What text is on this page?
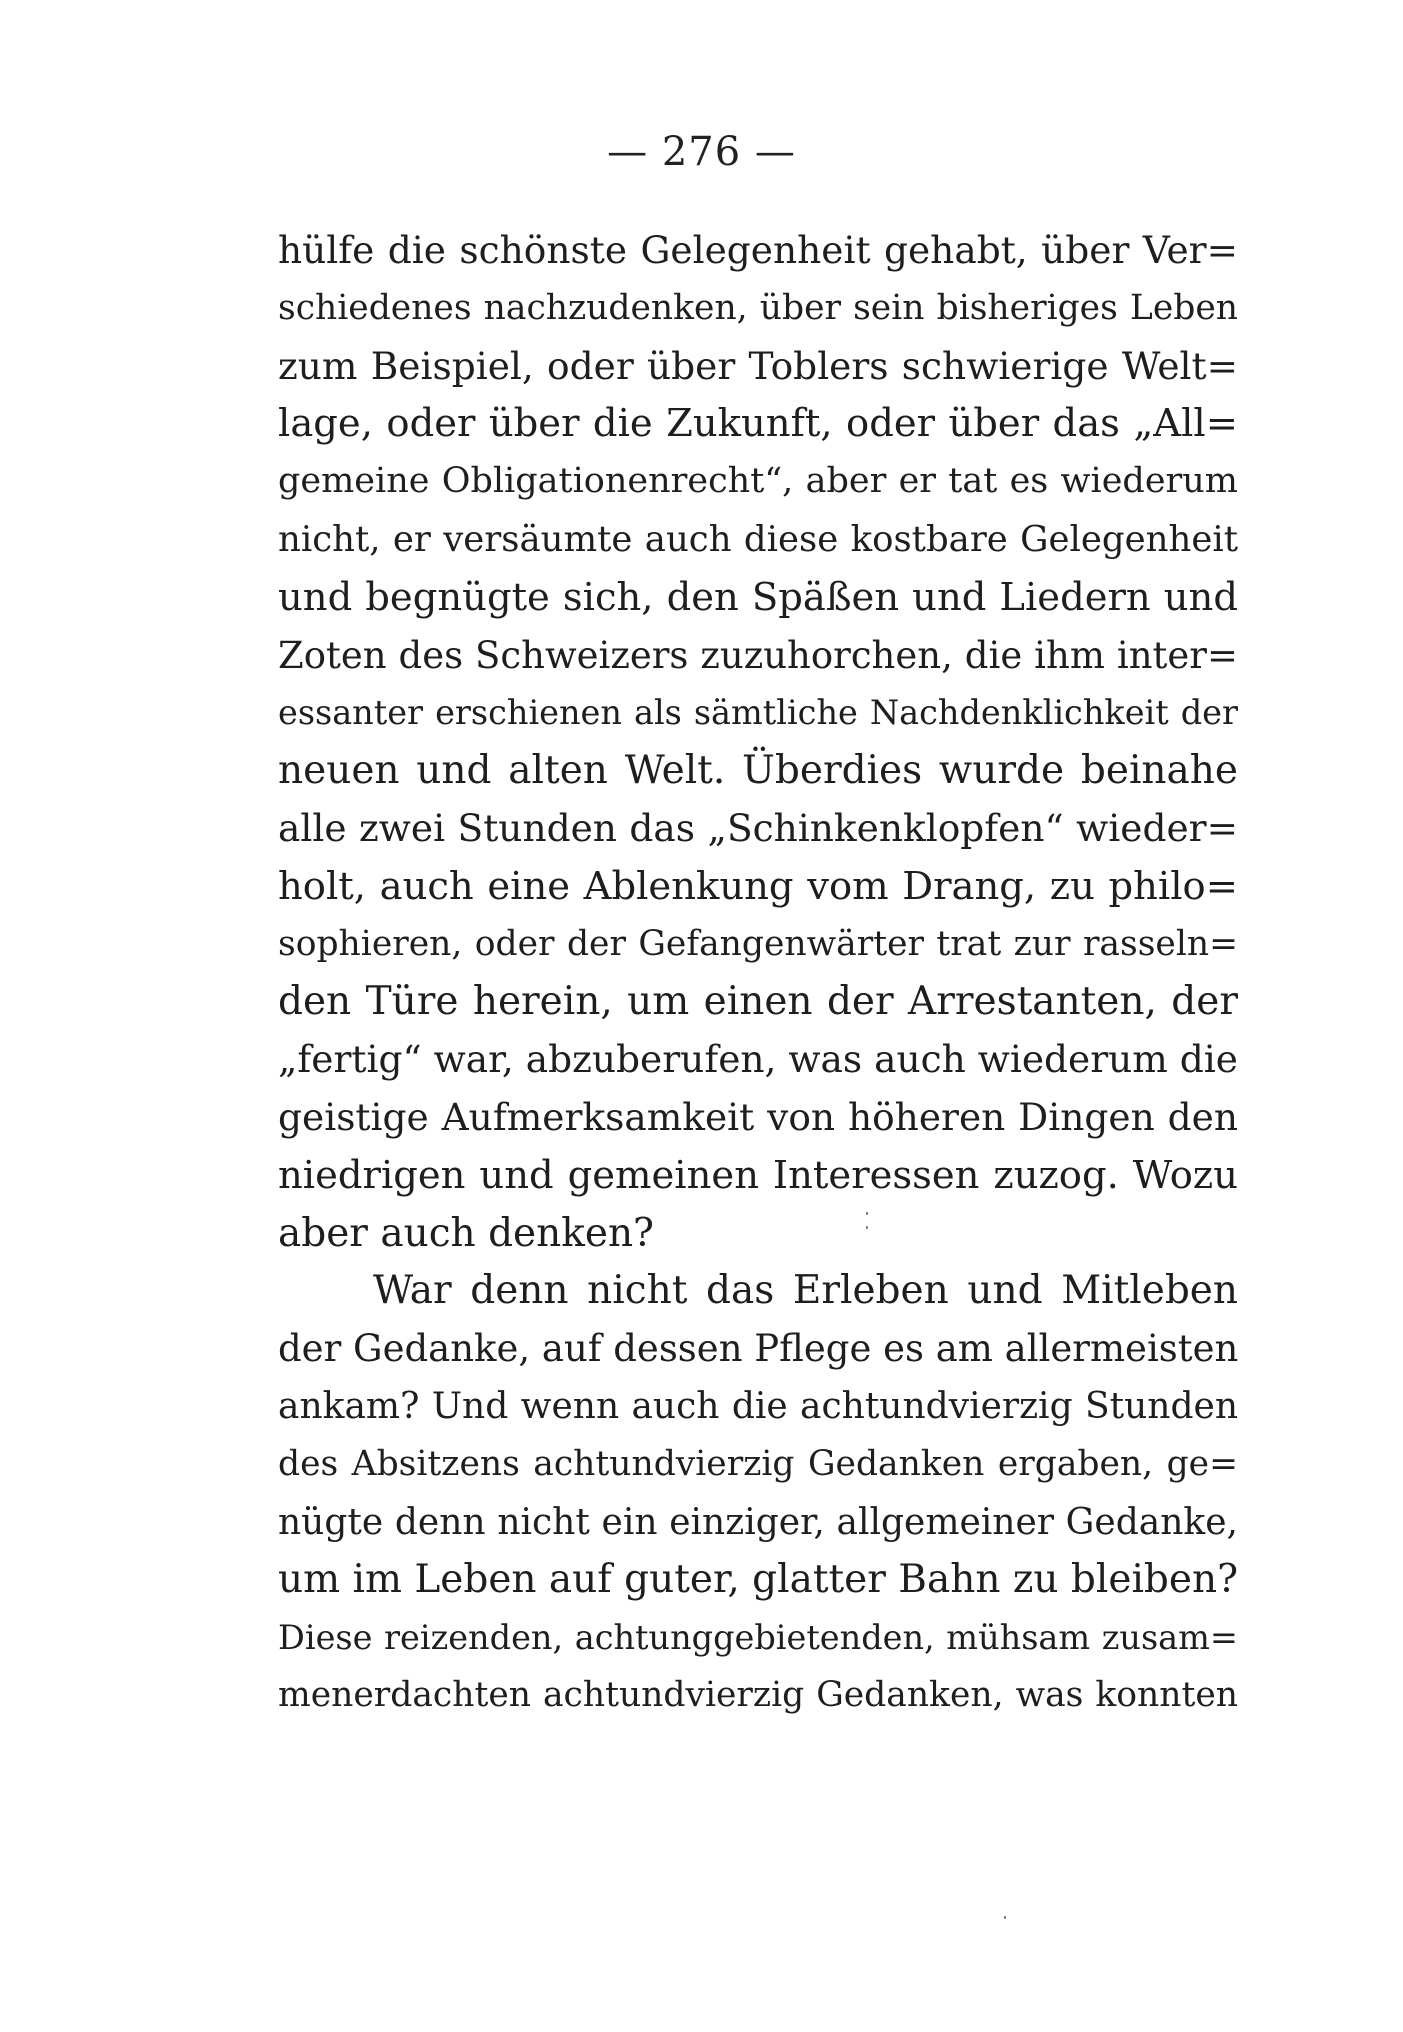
— 276 —
hülfe die schönste Gelegenheit gehabt, über Ver=
schiedenes nachzudenken, über sein bisheriges Leben
zum Beispiel, oder über Toblers schwierige Welt=
lage, oder über die Zukunft, oder über das „All=
gemeine Obligationenrecht“, aber er tat es wiederum
nicht, er versäumte auch diese kostbare Gelegenheit
und begnügte sich, den Späßen und Liedern und
Zoten des Schweizers zuzuhorchen, die ihm inter=
essanter erschienen als sämtliche Nachdenklichkeit der
neuen und alten Welt. Überdies wurde beinahe
alle zwei Stunden das „Schinkenklopfen“ wieder=
holt, auch eine Ablenkung vom Drang, zu philo=
sophieren, oder der Gefangenwärter trat zur rasseln=
den Türe herein, um einen der Arrestanten, der
„fertig“ war, abzuberufen, was auch wiederum die
geistige Aufmerksamkeit von höheren Dingen den
niedrigen und gemeinen Interessen zuzog. Wozu
aber auch denken?
War denn nicht das Erleben und Mitleben
der Gedanke, auf dessen Pflege es am allermeisten
ankam? Und wenn auch die achtundvierzig Stunden
des Absitzens achtundvierzig Gedanken ergaben, ge=
nügte denn nicht ein einziger, allgemeiner Gedanke,
um im Leben auf guter, glatter Bahn zu bleiben?
Diese reizenden, achtunggebietenden, mühsam zusam=
menerdachten achtundvierzig Gedanken, was konnten
